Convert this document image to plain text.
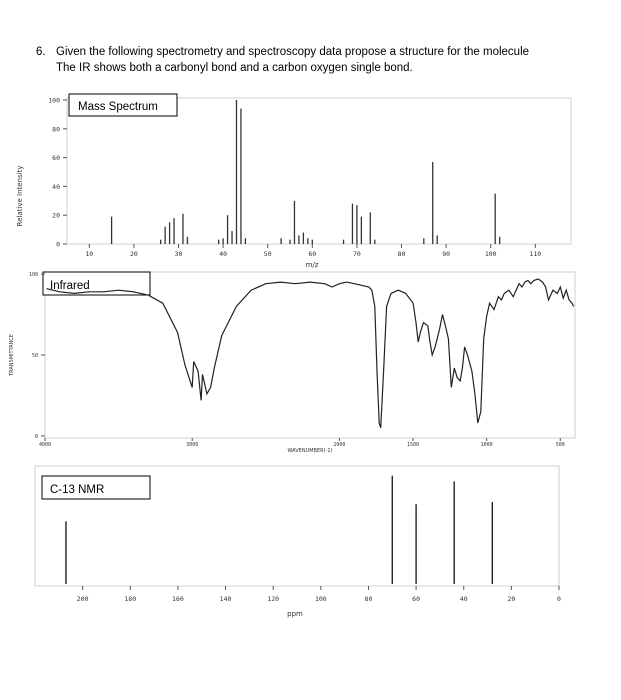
6. Given the following spectrometry and spectroscopy data propose a structure for the molecule
The IR shows both a carbonyl bond and a carbon oxygen single bond.
Mass Spectrum
Relative Intensity
m/z
0
20
40
60
80
100
10	20	30	40	50	60	70	80	90	100	110
Infrared
TRANSMITTANCE
WAVENUMBER(-1)
0
50
100
4000	3000	2000	1500	1000	500
C-13 NMR
ppm
200	180	160	140	120	100	80	60	40	20	0
